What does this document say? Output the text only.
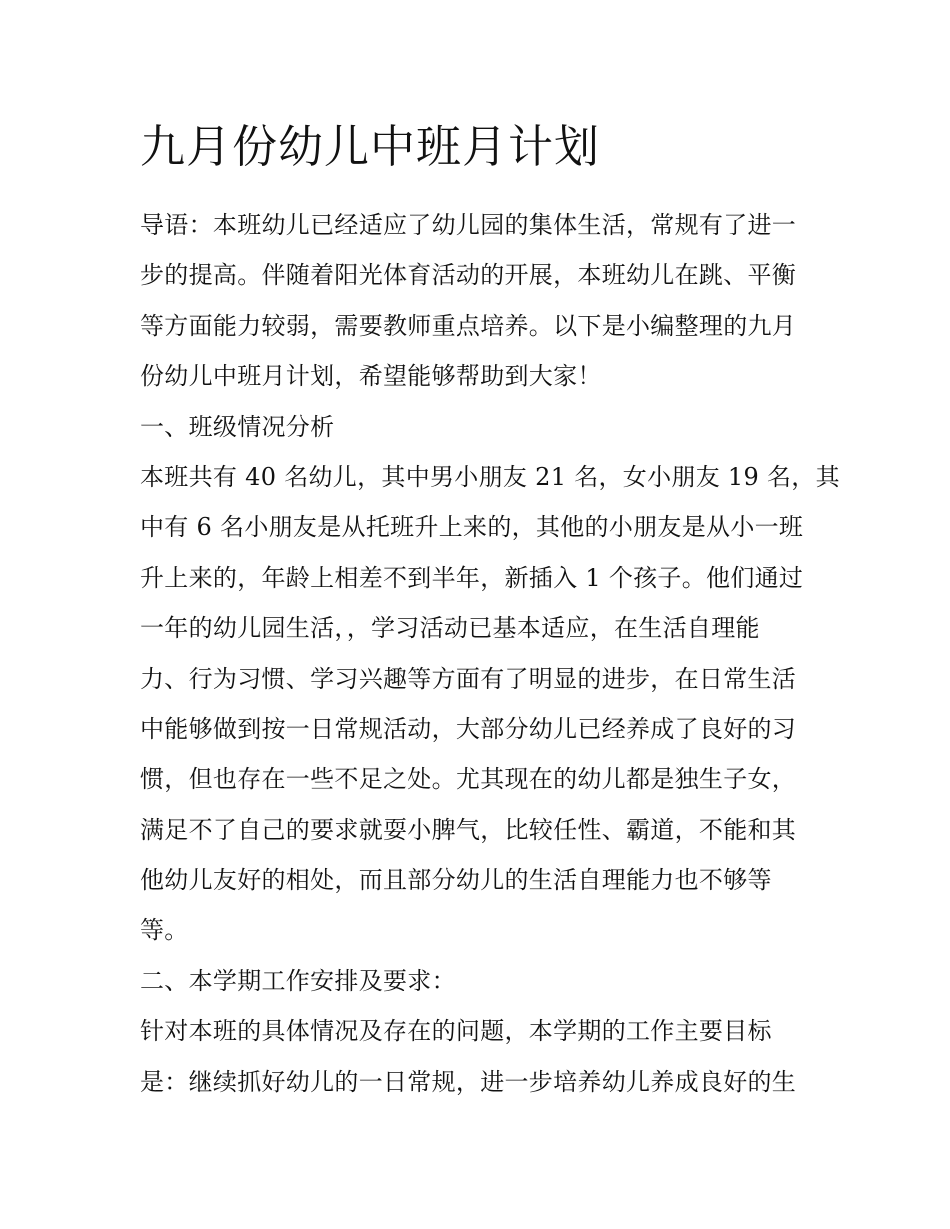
九月份幼儿中班月计划
导语：本班幼儿已经适应了幼儿园的集体生活，常规有了进一
步的提高。伴随着阳光体育活动的开展，本班幼儿在跳、平衡
等方面能力较弱，需要教师重点培养。以下是小编整理的九月
份幼儿中班月计划，希望能够帮助到大家！
一、班级情况分析
本班共有 40 名幼儿，其中男小朋友 21 名，女小朋友 19 名，其
中有 6 名小朋友是从托班升上来的，其他的小朋友是从小一班
升上来的，年龄上相差不到半年，新插入 1 个孩子。他们通过
一年的幼儿园生活，，学习活动已基本适应，在生活自理能
力、行为习惯、学习兴趣等方面有了明显的进步，在日常生活
中能够做到按一日常规活动，大部分幼儿已经养成了良好的习
惯，但也存在一些不足之处。尤其现在的幼儿都是独生子女，
满足不了自己的要求就耍小脾气，比较任性、霸道，不能和其
他幼儿友好的相处，而且部分幼儿的生活自理能力也不够等
等。
二、本学期工作安排及要求：
针对本班的具体情况及存在的问题，本学期的工作主要目标
是：继续抓好幼儿的一日常规，进一步培养幼儿养成良好的生
